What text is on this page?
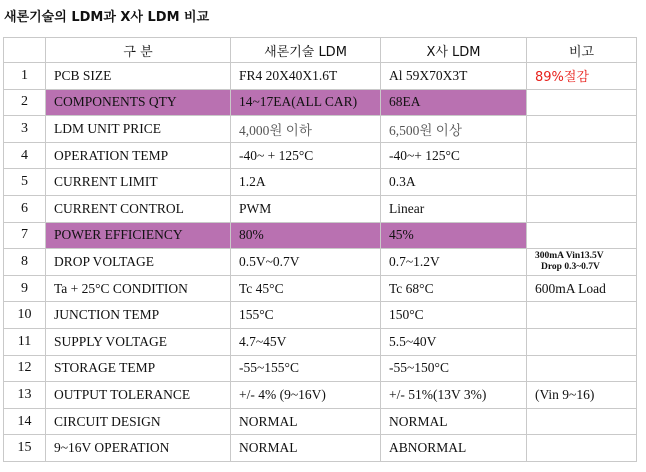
새론기술의 LDM과 X사 LDM 비교
	구 분	새론기술 LDM	X사 LDM	비고
1	PCB SIZE	FR4 20X40X1.6T	Al 59X70X3T	89%절감
2	COMPONENTS QTY	14~17EA(ALL CAR)	68EA	
3	LDM UNIT PRICE	4,000원 이하	6,500원 이상	
4	OPERATION TEMP	-40~ + 125°C	-40~+ 125°C	
5	CURRENT LIMIT	1.2A	0.3A	
6	CURRENT CONTROL	PWM	Linear	
7	POWER EFFICIENCY	80%	45%	
8	DROP VOLTAGE	0.5V~0.7V	0.7~1.2V	300mA Vin13.5V
Drop 0.3~0.7V

9	Ta + 25°C CONDITION	Tc 45°C	Tc 68°C	600mA Load
10	JUNCTION TEMP	155°C	150°C	
11	SUPPLY VOLTAGE	4.7~45V	5.5~40V	
12	STORAGE TEMP	-55~155°C	-55~150°C	
13	OUTPUT TOLERANCE	+/- 4% (9~16V)	+/- 51%(13V 3%)	(Vin 9~16)
14	CIRCUIT DESIGN	NORMAL	NORMAL	
15	9~16V OPERATION	NORMAL	ABNORMAL	
